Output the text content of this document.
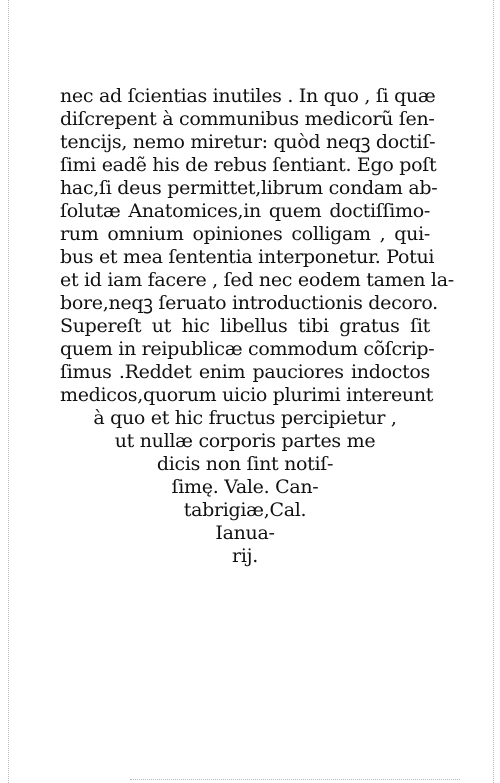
nec ad ſcientias inutiles . In quo , ſi quæ
diſcrepent à communibus medicorũ ſen-
tencijs, nemo miretur: quòd neqꝫ doctiſ-
ſimi eadẽ his de rebus ſentiant. Ego poſt
hac,ſi deus permittet,librum condam ab-
ſolutæ Anatomices,in quem doctiſſimo-
rum omnium opiniones colligam , qui-
bus et mea ſententia interponetur. Potui
et id iam facere , ſed nec eodem tamen la-
bore,neqꝫ ſeruato introductionis decoro.
Supereſt ut hic libellus tibi gratus ſit
quem in reipublicæ commodum cõſcrip-
ſimus .Reddet enim pauciores indoctos
medicos,quorum uicio plurimi intereunt
à quo et hic fructus percipietur ,
ut nullæ corporis partes me
dicis non ſint notiſ-
ſimę. Vale. Can-
tabrigiæ,Cal.
Ianua-
rij.
